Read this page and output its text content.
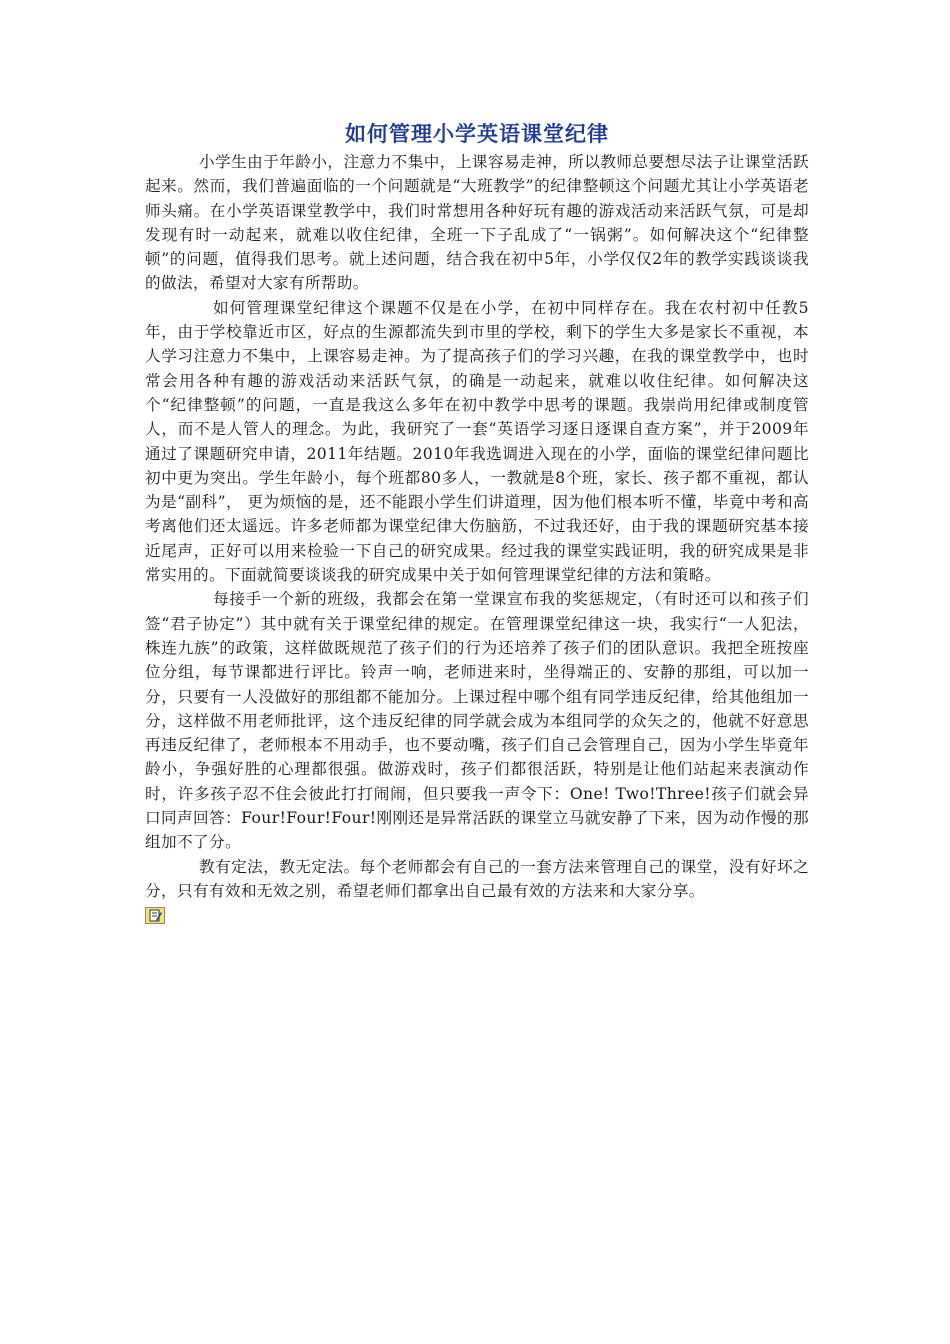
如何管理小学英语课堂纪律

小学生由于年龄小，注意力不集中，上课容易走神，所以教师总要想尽法子让课堂活跃起来。然而，我们普遍面临的一个问题就是“大班教学”的纪律整顿这个问题尤其让小学英语老师头痛。在小学英语课堂教学中，我们时常想用各种好玩有趣的游戏活动来活跃气氛，可是却发现有时一动起来，就难以收住纪律，全班一下子乱成了“一锅粥”。如何解决这个“纪律整顿”的问题，值得我们思考。就上述问题，结合我在初中5年，小学仅仅2年的教学实践谈谈我的做法，希望对大家有所帮助。

如何管理课堂纪律这个课题不仅是在小学，在初中同样存在。我在农村初中任教5年，由于学校靠近市区，好点的生源都流失到市里的学校，剩下的学生大多是家长不重视，本人学习注意力不集中，上课容易走神。为了提高孩子们的学习兴趣，在我的课堂教学中，也时常会用各种有趣的游戏活动来活跃气氛，的确是一动起来，就难以收住纪律。如何解决这个“纪律整顿”的问题，一直是我这么多年在初中教学中思考的课题。我崇尚用纪律或制度管人，而不是人管人的理念。为此，我研究了一套“英语学习逐日逐课自查方案”，并于2009年通过了课题研究申请，2011年结题。2010年我选调进入现在的小学，面临的课堂纪律问题比初中更为突出。学生年龄小，每个班都80多人，一教就是8个班，家长、孩子都不重视，都认为是“副科”， 更为烦恼的是，还不能跟小学生们讲道理，因为他们根本听不懂，毕竟中考和高考离他们还太遥远。许多老师都为课堂纪律大伤脑筋，不过我还好，由于我的课题研究基本接近尾声，正好可以用来检验一下自己的研究成果。经过我的课堂实践证明，我的研究成果是非常实用的。下面就简要谈谈我的研究成果中关于如何管理课堂纪律的方法和策略。

每接手一个新的班级，我都会在第一堂课宣布我的奖惩规定，（有时还可以和孩子们签“君子协定”）其中就有关于课堂纪律的规定。在管理课堂纪律这一块，我实行“一人犯法，株连九族”的政策，这样做既规范了孩子们的行为还培养了孩子们的团队意识。我把全班按座位分组，每节课都进行评比。铃声一响，老师进来时，坐得端正的、安静的那组，可以加一分，只要有一人没做好的那组都不能加分。上课过程中哪个组有同学违反纪律，给其他组加一分，这样做不用老师批评，这个违反纪律的同学就会成为本组同学的众矢之的，他就不好意思再违反纪律了，老师根本不用动手，也不要动嘴，孩子们自己会管理自己，因为小学生毕竟年龄小，争强好胜的心理都很强。做游戏时，孩子们都很活跃，特别是让他们站起来表演动作时，许多孩子忍不住会彼此打打闹闹，但只要我一声令下：One! Two!Three!孩子们就会异口同声回答：Four!Four!Four!刚刚还是异常活跃的课堂立马就安静了下来，因为动作慢的那组加不了分。

教有定法，教无定法。每个老师都会有自己的一套方法来管理自己的课堂，没有好坏之分，只有有效和无效之别，希望老师们都拿出自己最有效的方法来和大家分享。
